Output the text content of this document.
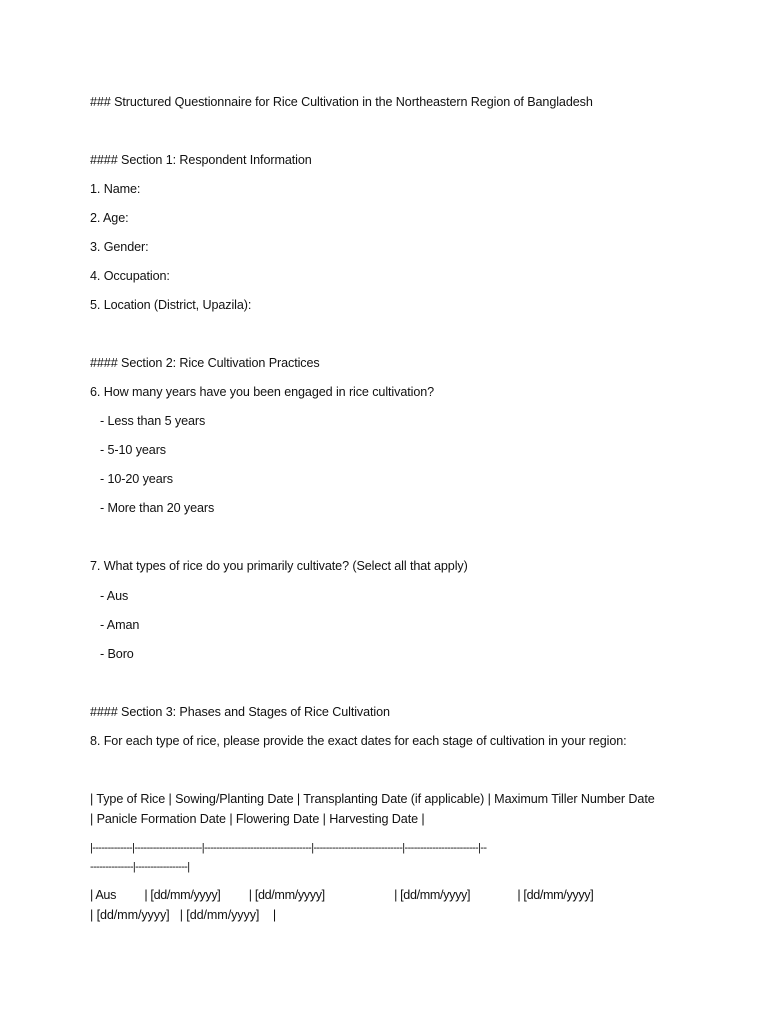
### Structured Questionnaire for Rice Cultivation in the Northeastern Region of Bangladesh
#### Section 1: Respondent Information
1. Name:
2. Age:
3. Gender:
4. Occupation:
5. Location (District, Upazila):
#### Section 2: Rice Cultivation Practices
6. How many years have you been engaged in rice cultivation?
- Less than 5 years
- 5-10 years
- 10-20 years
- More than 20 years
7. What types of rice do you primarily cultivate? (Select all that apply)
- Aus
- Aman
- Boro
#### Section 3: Phases and Stages of Rice Cultivation
8. For each type of rice, please provide the exact dates for each stage of cultivation in your region:
| Type of Rice | Sowing/Planting Date | Transplanting Date (if applicable) | Maximum Tiller Number Date
| Panicle Formation Date | Flowering Date | Harvesting Date |
|-------------|----------------------|-----------------------------------|-----------------------------|------------------------|--
--------------|-----------------|
| Aus         | [dd/mm/yyyy]         | [dd/mm/yyyy]                      | [dd/mm/yyyy]               | [dd/mm/yyyy]
| [dd/mm/yyyy]   | [dd/mm/yyyy]    |
